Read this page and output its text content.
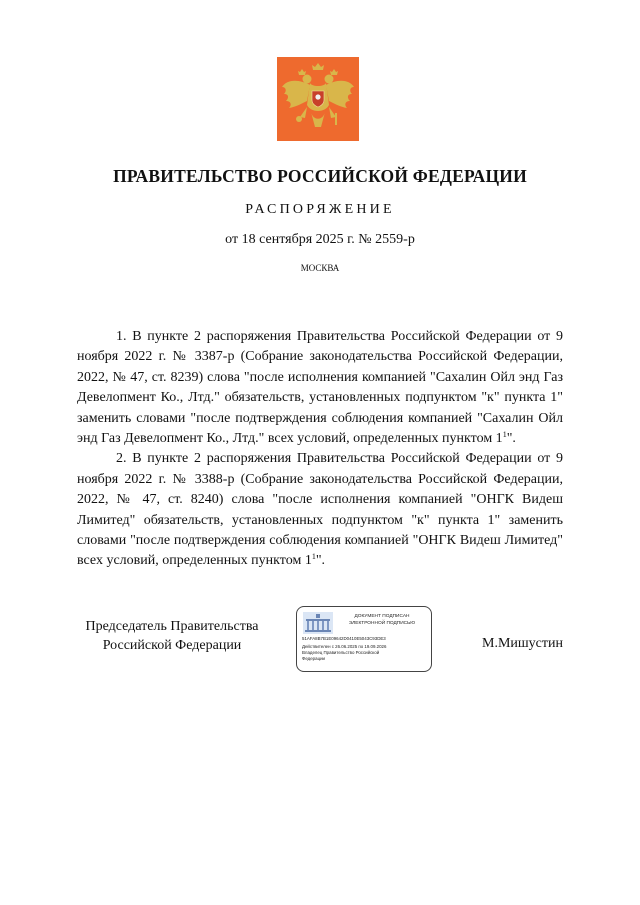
ПРАВИТЕЛЬСТВО РОССИЙСКОЙ ФЕДЕРАЦИИ
РАСПОРЯЖЕНИЕ
от 18 сентября 2025 г. № 2559-р
МОСКВА

1. В пункте 2 распоряжения Правительства Российской Федерации от 9 ноября 2022 г. № 3387-р (Собрание законодательства Российской Федерации, 2022, № 47, ст. 8239) слова "после исполнения компанией "Сахалин Ойл энд Газ Девелопмент Ко., Лтд." обязательств, установленных подпунктом "к" пункта 1" заменить словами "после подтверждения соблюдения компанией "Сахалин Ойл энд Газ Девелопмент Ко., Лтд." всех условий, определенных пунктом $1^1$".

2. В пункте 2 распоряжения Правительства Российской Федерации от 9 ноября 2022 г. № 3388-р (Собрание законодательства Российской Федерации, 2022, № 47, ст. 8240) слова "после исполнения компанией "ОНГК Видеш Лимитед" обязательств, установленных подпунктом "к" пункта 1" заменить словами "после подтверждения соблюдения компанией "ОНГК Видеш Лимитед" всех условий, определенных пунктом $1^1$".

Председатель Правительства
Российской Федерации
ДОКУМЕНТ ПОДПИСАН
ЭЛЕКТРОННОЙ ПОДПИСЬЮ
51AFA8B7B1E09642D0410E5043C93DE3
Действителен с 26.06.2025 по 19.09.2026
Владелец Правительство Российской
Федерации
М.Мишустин
